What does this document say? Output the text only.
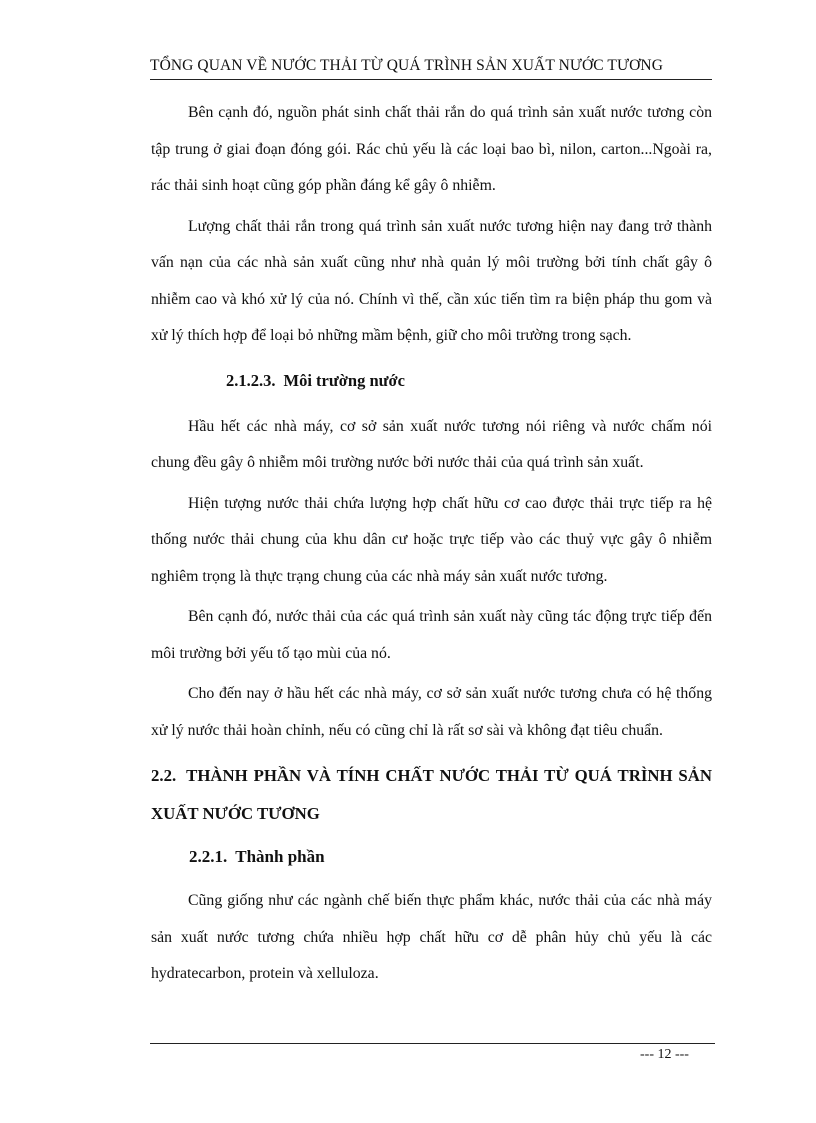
TỔNG QUAN VỀ NƯỚC THẢI TỪ QUÁ TRÌNH SẢN XUẤT NƯỚC TƯƠNG

Bên cạnh đó, nguồn phát sinh chất thải rắn do quá trình sản xuất nước tương còn tập trung ở giai đoạn đóng gói. Rác chủ yếu là các loại bao bì, nilon, carton...Ngoài ra, rác thải sinh hoạt cũng góp phần đáng kể gây ô nhiễm.

Lượng chất thải rắn trong quá trình sản xuất nước tương hiện nay đang trở thành vấn nạn của các nhà sản xuất cũng như nhà quản lý môi trường bởi tính chất gây ô nhiễm cao và khó xử lý của nó. Chính vì thế, cần xúc tiến tìm ra biện pháp thu gom và xử lý thích hợp để loại bỏ những mầm bệnh, giữ cho môi trường trong sạch.

2.1.2.3. Môi trường nước

Hầu hết các nhà máy, cơ sở sản xuất nước tương nói riêng và nước chấm nói chung đều gây ô nhiễm môi trường nước bởi nước thải của quá trình sản xuất.

Hiện tượng nước thải chứa lượng hợp chất hữu cơ cao được thải trực tiếp ra hệ thống nước thải chung của khu dân cư hoặc trực tiếp vào các thuỷ vực gây ô nhiễm nghiêm trọng là thực trạng chung của các nhà máy sản xuất nước tương.

Bên cạnh đó, nước thải của các quá trình sản xuất này cũng tác động trực tiếp đến môi trường bởi yếu tố tạo mùi của nó.

Cho đến nay ở hầu hết các nhà máy, cơ sở sản xuất nước tương chưa có hệ thống xử lý nước thải hoàn chỉnh, nếu có cũng chỉ là rất sơ sài và không đạt tiêu chuẩn.

2.2. THÀNH PHẦN VÀ TÍNH CHẤT NƯỚC THẢI TỪ QUÁ TRÌNH SẢN XUẤT NƯỚC TƯƠNG
2.2.1. Thành phần

Cũng giống như các ngành chế biến thực phẩm khác, nước thải của các nhà máy sản xuất nước tương chứa nhiều hợp chất hữu cơ dễ phân hủy chủ yếu là các hydratecarbon, protein và xelluloza.

--- 12 ---
